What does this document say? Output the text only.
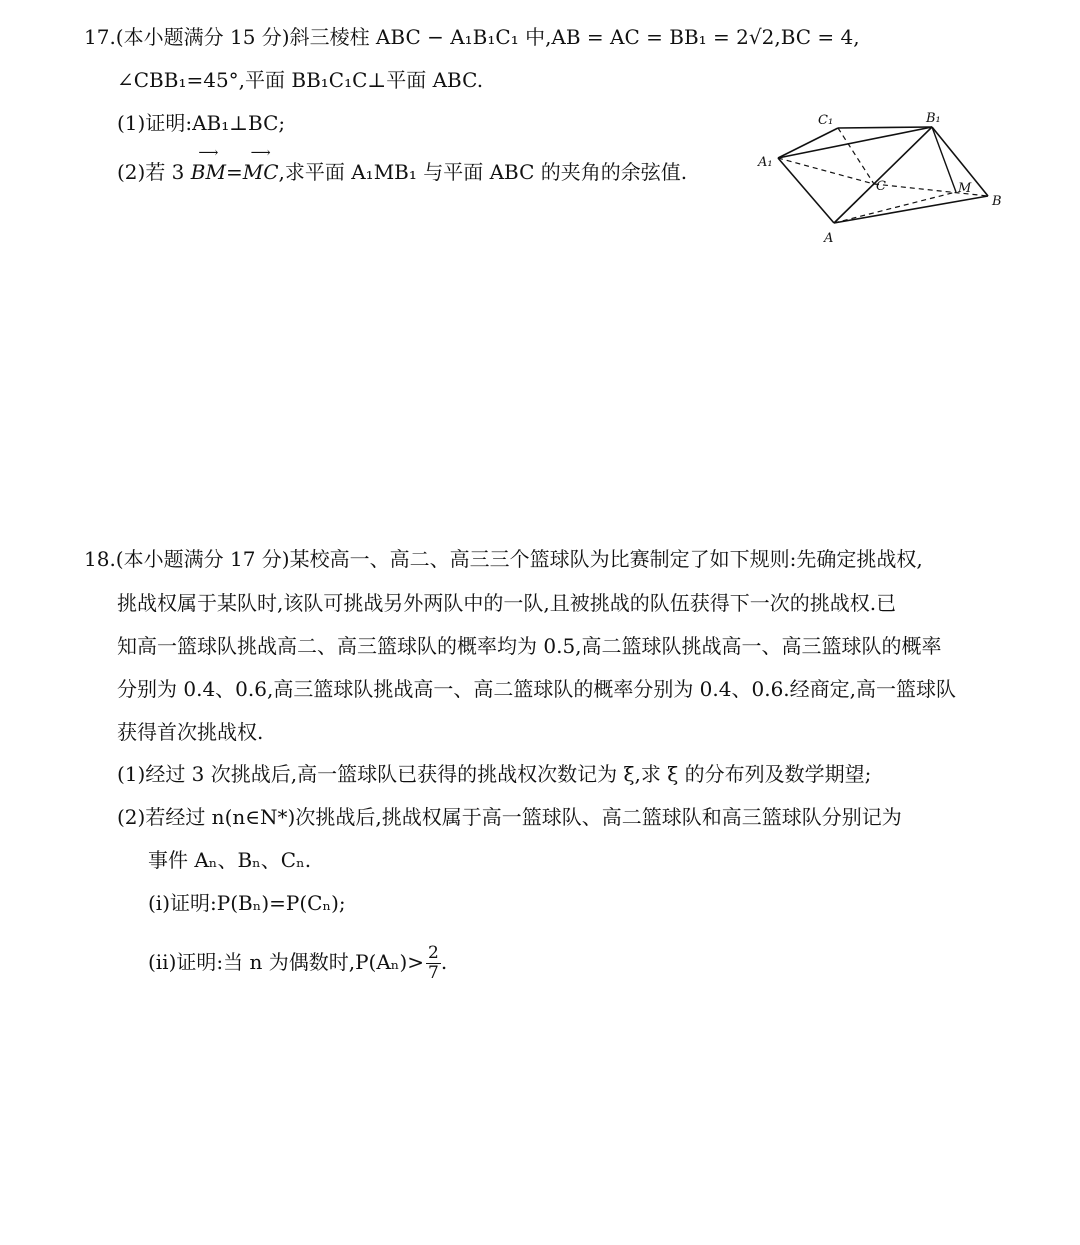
17.(本小题满分 15 分)斜三棱柱 ABC − A₁B₁C₁ 中,AB = AC = BB₁ = 2√2,BC = 4,
∠CBB₁=45°,平面 BB₁C₁C⊥平面 ABC.
(1)证明:AB₁⊥BC;
(2)若 3
⟶
BM=
⟶
MC,求平面 A₁MB₁ 与平面 ABC 的夹角的余弦值.
C₁	B₁
A₁
C	M
B
A
18.(本小题满分 17 分)某校高一、高二、高三三个篮球队为比赛制定了如下规则:先确定挑战权,
挑战权属于某队时,该队可挑战另外两队中的一队,且被挑战的队伍获得下一次的挑战权.已
知高一篮球队挑战高二、高三篮球队的概率均为 0.5,高二篮球队挑战高一、高三篮球队的概率
分别为 0.4、0.6,高三篮球队挑战高一、高二篮球队的概率分别为 0.4、0.6.经商定,高一篮球队
获得首次挑战权.
(1)经过 3 次挑战后,高一篮球队已获得的挑战权次数记为 ξ,求 ξ 的分布列及数学期望;
(2)若经过 n(n∈N*)次挑战后,挑战权属于高一篮球队、高二篮球队和高三篮球队分别记为
事件 Aₙ、Bₙ、Cₙ.
(ⅰ)证明:P(Bₙ)=P(Cₙ);
(ⅱ)证明:当 n 为偶数时$,P(A_n)> \frac{2}{7}$ .
